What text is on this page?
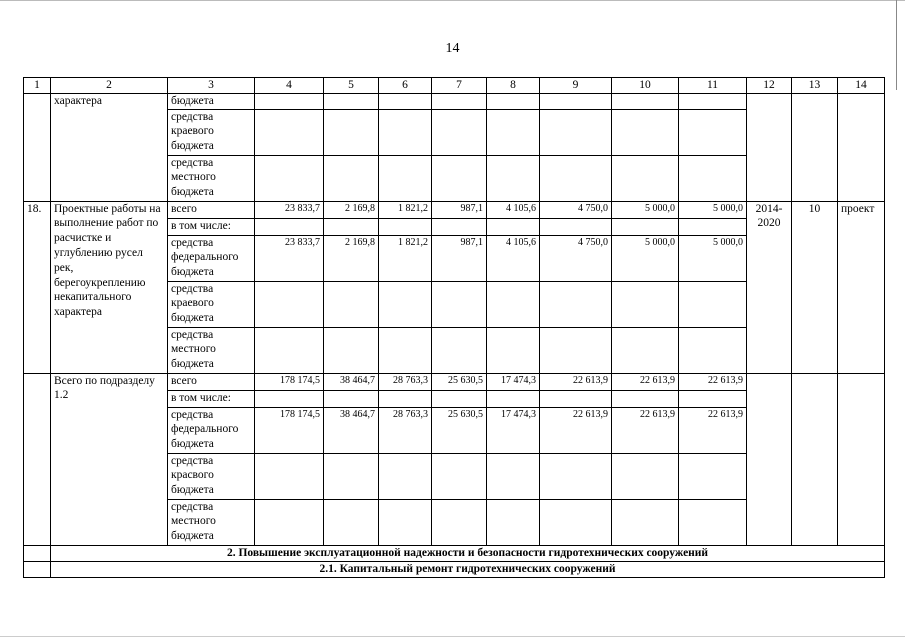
14
1	2	3	4	5	6	7	8	9	10	11	12	13	14
	характера	бюджета											
		средства краевого бюджета											
		средства местного бюджета											
18.	Проектные работы на выполнение работ по расчистке и углублению русел рек, берегоукреплению некапитального характера	всего	23 833,7	2 169,8	1 821,2	987,1	4 105,6	4 750,0	5 000,0	5 000,0	2014-2020	10	проект
		в том числе:											
		средства федерального бюджета	23 833,7	2 169,8	1 821,2	987,1	4 105,6	4 750,0	5 000,0	5 000,0			
		средства краевого бюджета											
		средства местного бюджета											
	Всего по подразделу 1.2	всего	178 174,5	38 464,7	28 763,3	25 630,5	17 474,3	22 613,9	22 613,9	22 613,9			
		в том числе:											
		средства федерального бюджета	178 174,5	38 464,7	28 763,3	25 630,5	17 474,3	22 613,9	22 613,9	22 613,9			
		средства красвого бюджета											
		средства местного бюджета											
	2. Повышение эксплуатационной надежности и безопасности гидротехнических сооружений												
	2.1. Капитальный ремонт гидротехнических сооружений												
